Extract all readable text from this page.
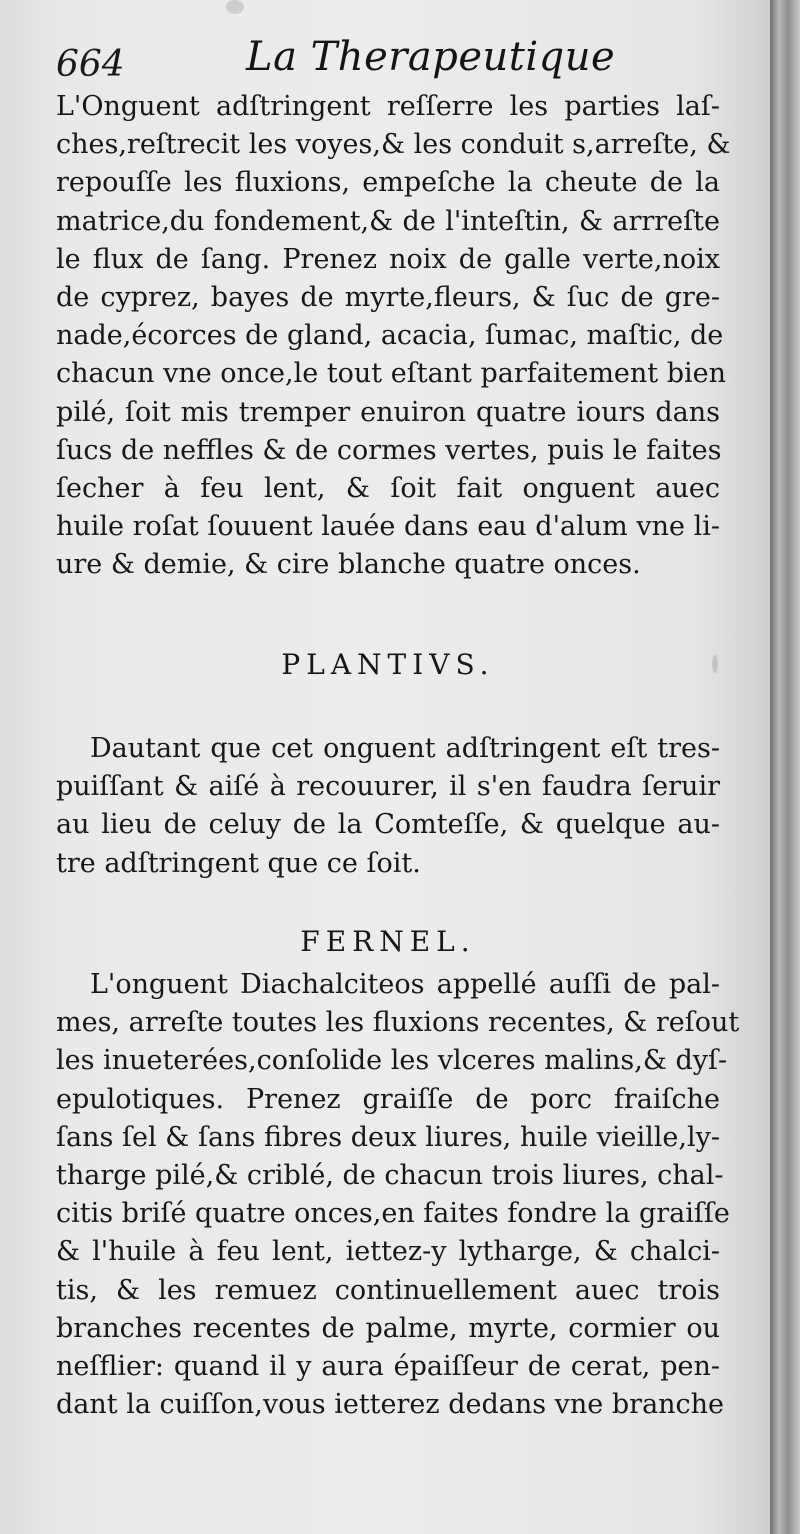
664	La Therapeutique
L'Onguent adſtringent reſſerre les parties laſ-
ches,reſtrecit les voyes,& les conduit s,arreſte, &
repouſſe les fluxions, empeſche la cheute de la
matrice,du fondement,& de l'inteſtin, & arrreſte
le flux de ſang. Prenez noix de galle verte,noix
de cyprez, bayes de myrte,fleurs, & ſuc de gre-
nade,écorces de gland, acacia, ſumac, maſtic, de
chacun vne once,le tout eſtant parfaitement bien
pilé, ſoit mis tremper enuiron quatre iours dans
ſucs de neffles & de cormes vertes, puis le faites
ſecher à feu lent, & ſoit fait onguent auec
huile roſat ſouuent lauée dans eau d'alum vne li-
ure & demie, & cire blanche quatre onces.
PLANTIVS.
Dautant que cet onguent adſtringent eſt tres-
puiſſant & aiſé à recouurer, il s'en faudra ſeruir
au lieu de celuy de la Comteſſe, & quelque au-
tre adſtringent que ce ſoit.
FERNEL.
L'onguent Diachalciteos appellé auſſi de pal-
mes, arreſte toutes les fluxions recentes, & reſout
les inueterées,conſolide les vlceres malins,& dyſ-
epulotiques. Prenez graiſſe de porc fraiſche
ſans ſel & ſans fibres deux liures, huile vieille,ly-
tharge pilé,& criblé, de chacun trois liures, chal-
citis briſé quatre onces,en faites fondre la graiſſe
& l'huile à feu lent, iettez-y lytharge, & chalci-
tis, & les remuez continuellement auec trois
branches recentes de palme, myrte, cormier ou
neſflier: quand il y aura épaiſſeur de cerat, pen-
dant la cuiſſon,vous ietterez dedans vne branche
